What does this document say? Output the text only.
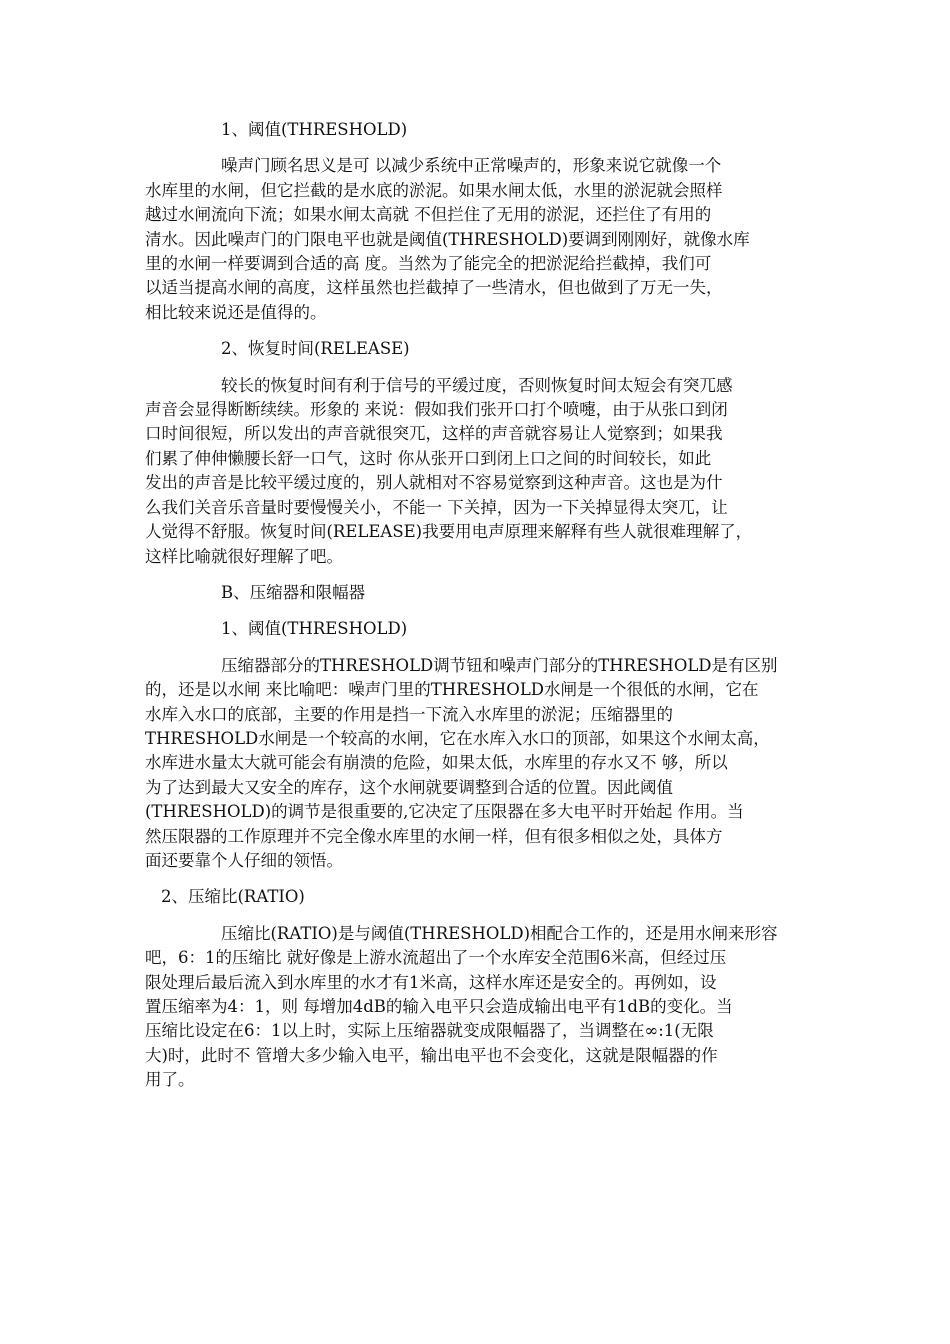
1、阈值(THRESHOLD)
噪声门顾名思义是可 以减少系统中正常噪声的，形象来说它就像一个
水库里的水闸，但它拦截的是水底的淤泥。如果水闸太低，水里的淤泥就会照样
越过水闸流向下流；如果水闸太高就 不但拦住了无用的淤泥，还拦住了有用的
清水。因此噪声门的门限电平也就是阈值(THRESHOLD)要调到刚刚好，就像水库
里的水闸一样要调到合适的高 度。当然为了能完全的把淤泥给拦截掉，我们可
以适当提高水闸的高度，这样虽然也拦截掉了一些清水，但也做到了万无一失，
相比较来说还是值得的。
2、恢复时间(RELEASE)
较长的恢复时间有利于信号的平缓过度，否则恢复时间太短会有突兀感
声音会显得断断续续。形象的 来说：假如我们张开口打个喷嚏，由于从张口到闭
口时间很短，所以发出的声音就很突兀，这样的声音就容易让人觉察到；如果我
们累了伸伸懒腰长舒一口气，这时 你从张开口到闭上口之间的时间较长，如此
发出的声音是比较平缓过度的，别人就相对不容易觉察到这种声音。这也是为什
么我们关音乐音量时要慢慢关小，不能一 下关掉，因为一下关掉显得太突兀，让
人觉得不舒服。恢复时间(RELEASE)我要用电声原理来解释有些人就很难理解了，
这样比喻就很好理解了吧。
B、压缩器和限幅器
1、阈值(THRESHOLD)
压缩器部分的THRESHOLD调节钮和噪声门部分的THRESHOLD是有区别
的，还是以水闸 来比喻吧：噪声门里的THRESHOLD水闸是一个很低的水闸，它在
水库入水口的底部，主要的作用是挡一下流入水库里的淤泥；压缩器里的
THRESHOLD水闸是一个较高的水闸，它在水库入水口的顶部，如果这个水闸太高，
水库进水量太大就可能会有崩溃的危险，如果太低，水库里的存水又不 够，所以
为了达到最大又安全的库存，这个水闸就要调整到合适的位置。因此阈值
(THRESHOLD)的调节是很重要的,它决定了压限器在多大电平时开始起 作用。当
然压限器的工作原理并不完全像水库里的水闸一样，但有很多相似之处，具体方
面还要靠个人仔细的领悟。
2、压缩比(RATIO)
压缩比(RATIO)是与阈值(THRESHOLD)相配合工作的，还是用水闸来形容
吧，6：1的压缩比 就好像是上游水流超出了一个水库安全范围6米高，但经过压
限处理后最后流入到水库里的水才有1米高，这样水库还是安全的。再例如，设
置压缩率为4：1，则 每增加4dB的输入电平只会造成输出电平有1dB的变化。当
压缩比设定在6：1以上时，实际上压缩器就变成限幅器了，当调整在∞:1(无限
大)时，此时不 管增大多少输入电平，输出电平也不会变化，这就是限幅器的作
用了。
